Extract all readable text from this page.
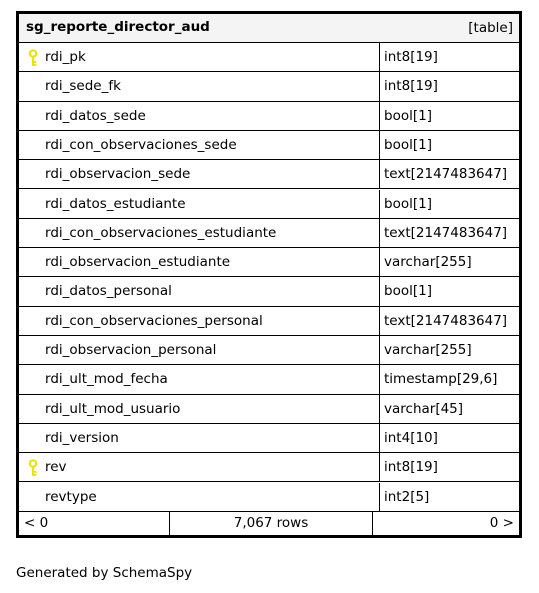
sg_reporte_director_aud	[table]
rdi_pk	int8[19]
rdi_sede_fk	int8[19]
rdi_datos_sede	bool[1]
rdi_con_observaciones_sede	bool[1]
rdi_observacion_sede	text[2147483647]
rdi_datos_estudiante	bool[1]
rdi_con_observaciones_estudiante	text[2147483647]
rdi_observacion_estudiante	varchar[255]
rdi_datos_personal	bool[1]
rdi_con_observaciones_personal	text[2147483647]
rdi_observacion_personal	varchar[255]
rdi_ult_mod_fecha	timestamp[29,6]
rdi_ult_mod_usuario	varchar[45]
rdi_version	int4[10]
rev	int8[19]
revtype	int2[5]
< 0	7,067 rows	0 >
Generated by SchemaSpy
